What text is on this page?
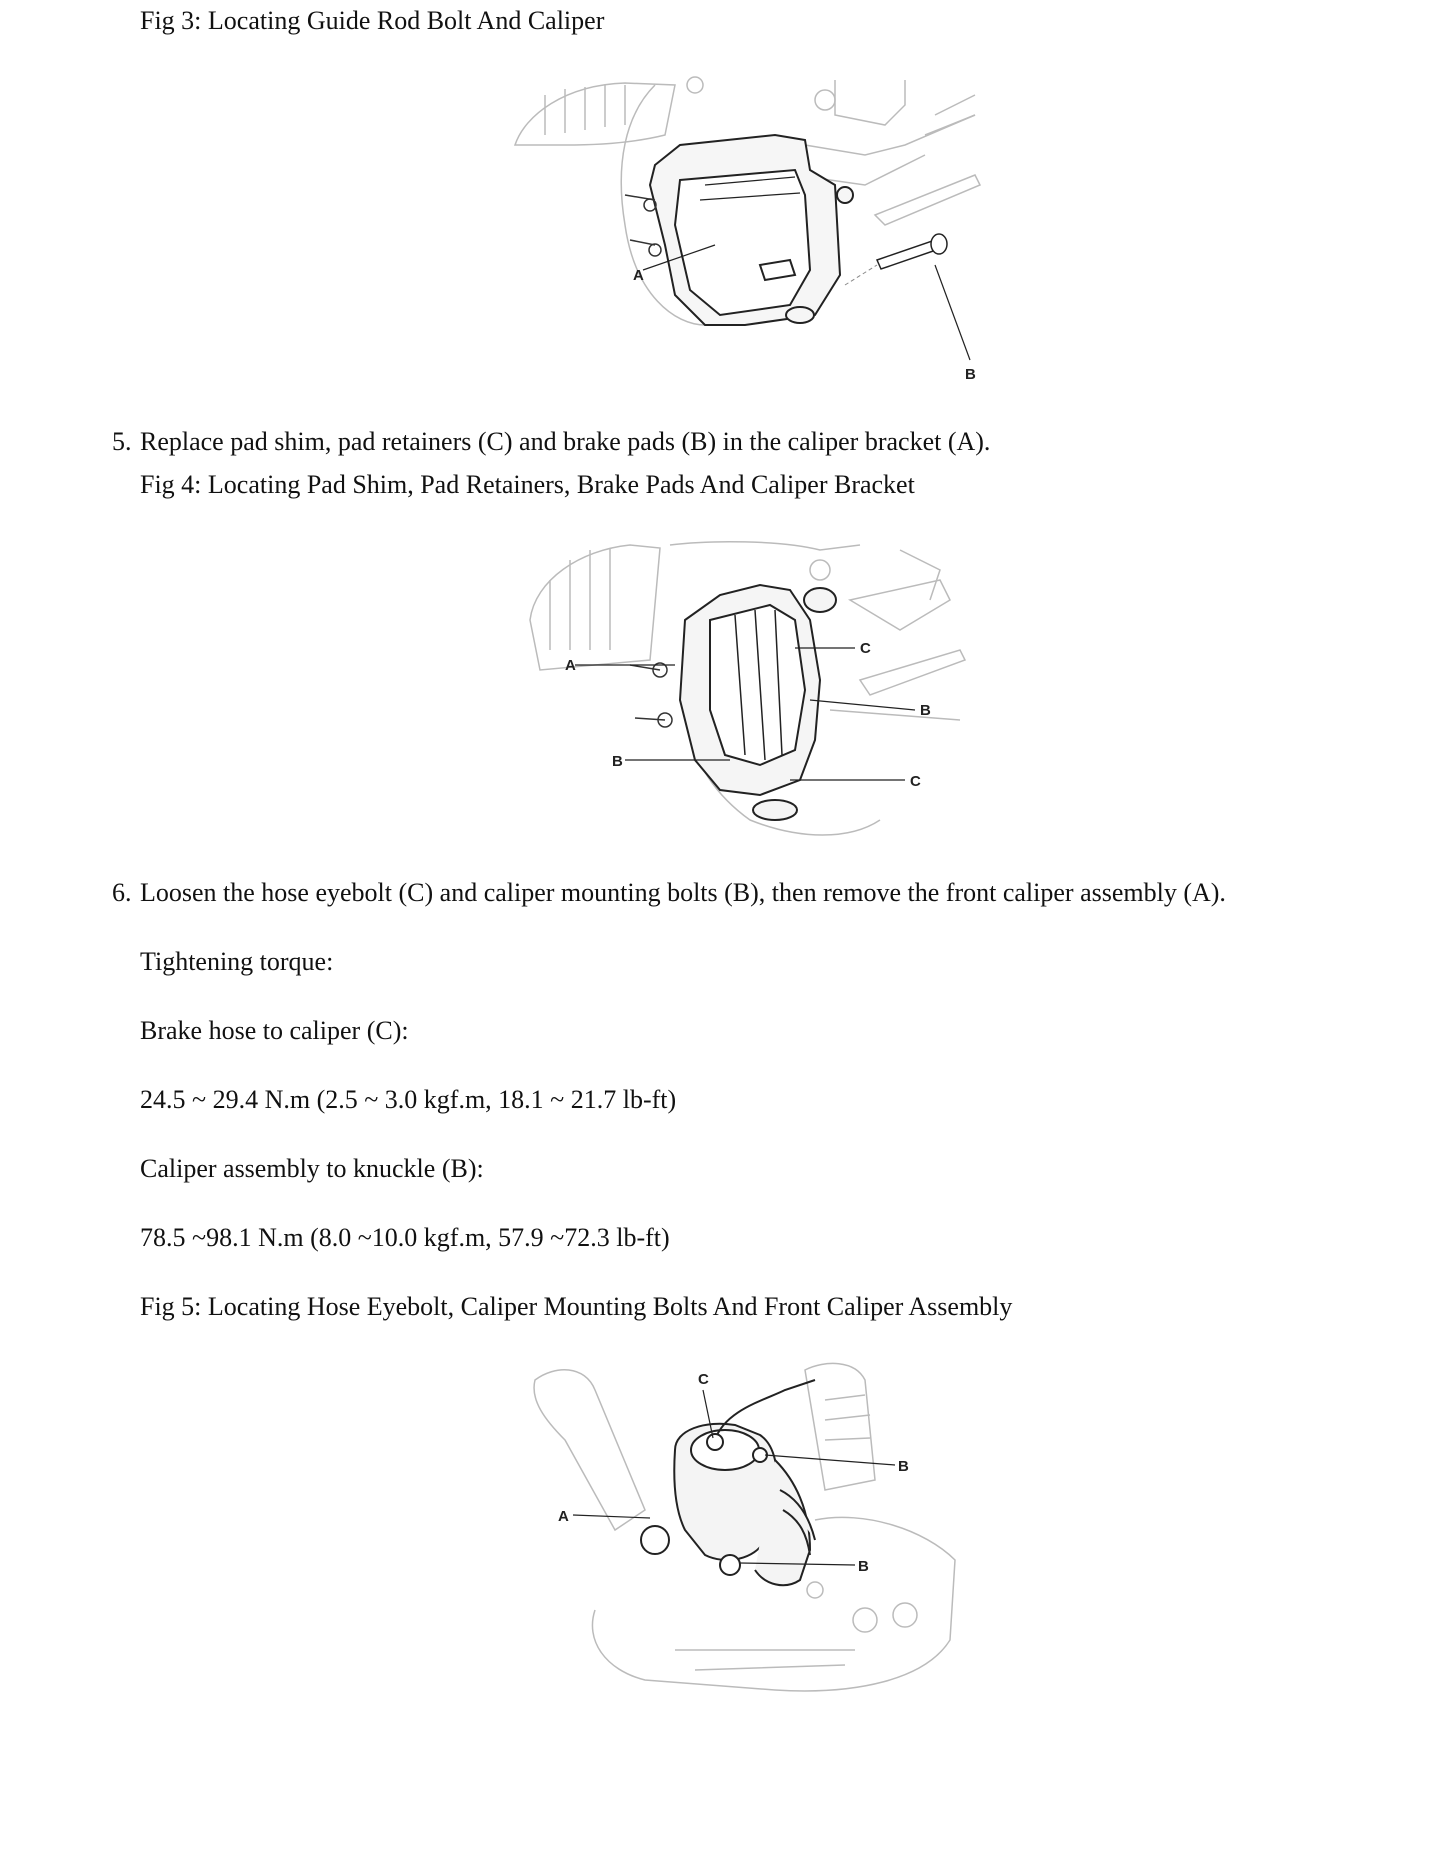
Fig 3: Locating Guide Rod Bolt And Caliper
A
B
5. Replace pad shim, pad retainers (C) and brake pads (B) in the caliper bracket (A).
Fig 4: Locating Pad Shim, Pad Retainers, Brake Pads And Caliper Bracket
A
C
B
B
C
6. Loosen the hose eyebolt (C) and caliper mounting bolts (B), then remove the front caliper assembly (A).
Tightening torque:
Brake hose to caliper (C):
24.5 ~ 29.4 N.m (2.5 ~ 3.0 kgf.m, 18.1 ~ 21.7 lb-ft)
Caliper assembly to knuckle (B):
78.5 ~98.1 N.m (8.0 ~10.0 kgf.m, 57.9 ~72.3 lb-ft)
Fig 5: Locating Hose Eyebolt, Caliper Mounting Bolts And Front Caliper Assembly
C
B
A
B
